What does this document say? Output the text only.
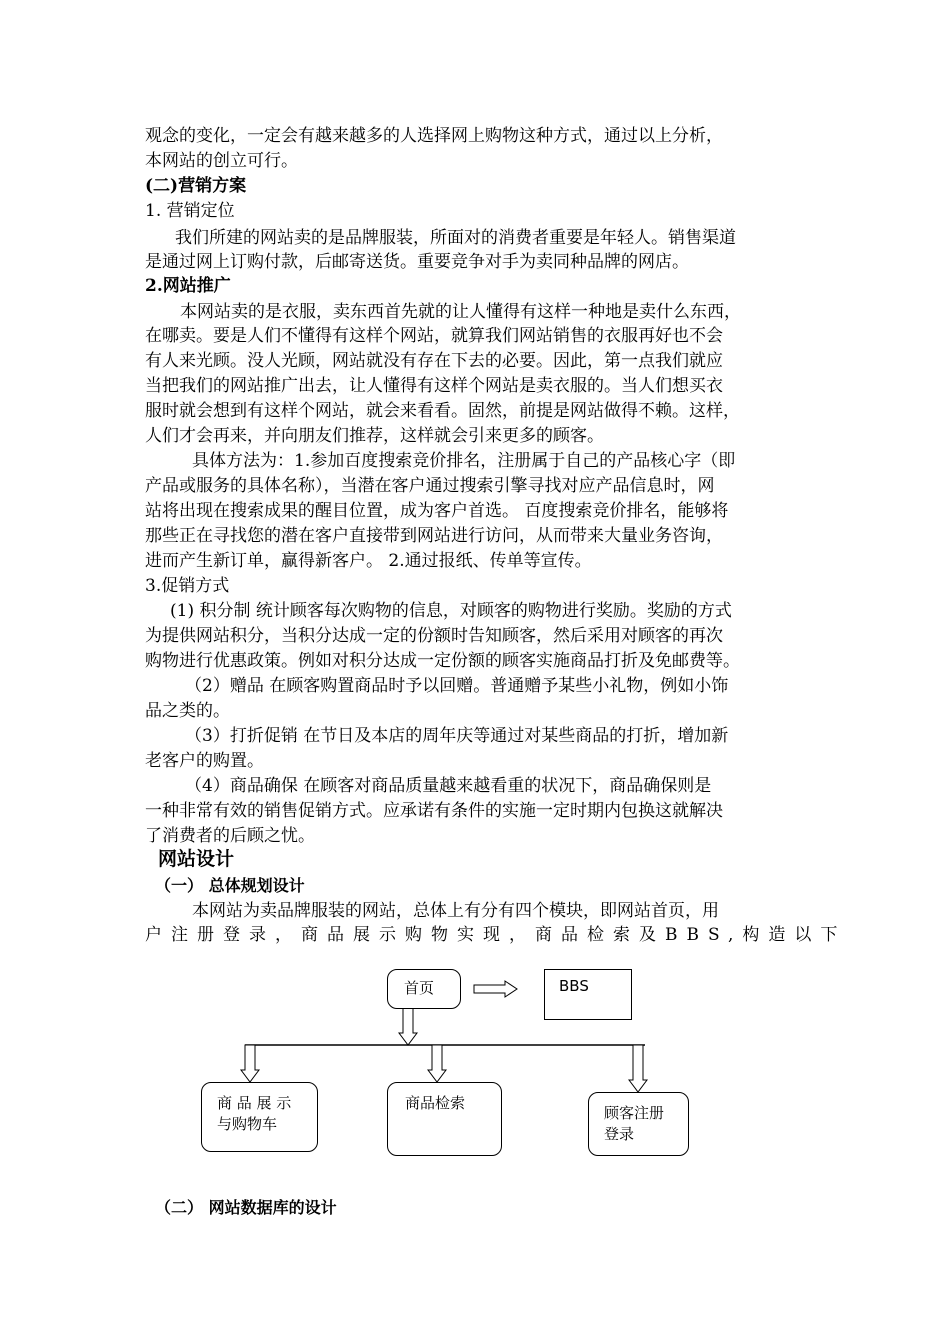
观念的变化，一定会有越来越多的人选择网上购物这种方式，通过以上分析，
本网站的创立可行。
(二)营销方案
1. 营销定位
我们所建的网站卖的是品牌服装，所面对的消费者重要是年轻人。销售渠道
是通过网上订购付款，后邮寄送货。重要竞争对手为卖同种品牌的网店。
2.网站推广
本网站卖的是衣服，卖东西首先就的让人懂得有这样一种地是卖什么东西，
在哪卖。要是人们不懂得有这样个网站，就算我们网站销售的衣服再好也不会
有人来光顾。没人光顾，网站就没有存在下去的必要。因此，第一点我们就应
当把我们的网站推广出去，让人懂得有这样个网站是卖衣服的。当人们想买衣
服时就会想到有这样个网站，就会来看看。固然，前提是网站做得不赖。这样，
人们才会再来，并向朋友们推荐，这样就会引来更多的顾客。
具体方法为：1.参加百度搜索竞价排名，注册属于自己的产品核心字（即
产品或服务的具体名称），当潜在客户通过搜索引擎寻找对应产品信息时，网
站将出现在搜索成果的醒目位置，成为客户首选。 百度搜索竞价排名，能够将
那些正在寻找您的潜在客户直接带到网站进行访问，从而带来大量业务咨询，
进而产生新订单，赢得新客户。 2.通过报纸、传单等宣传。
3.促销方式
(1) 积分制 统计顾客每次购物的信息，对顾客的购物进行奖励。奖励的方式
为提供网站积分，当积分达成一定的份额时告知顾客，然后采用对顾客的再次
购物进行优惠政策。例如对积分达成一定份额的顾客实施商品打折及免邮费等。
（2）赠品 在顾客购置商品时予以回赠。普通赠予某些小礼物，例如小饰
品之类的。
（3）打折促销 在节日及本店的周年庆等通过对某些商品的打折，增加新
老客户的购置。
（4）商品确保 在顾客对商品质量越来越看重的状况下，商品确保则是
一种非常有效的销售促销方式。应承诺有条件的实施一定时期内包换这就解决
了消费者的后顾之忧。
网站设计
（一） 总体规划设计
本网站为卖品牌服装的网站，总体上有分有四个模块，即网站首页，用
户注册登录，商品展示购物实现，商品检索及BBS,构造以下
首页	BBS
商 品 展 示
与购物车
商品检索
顾客注册
登录
（二） 网站数据库的设计
